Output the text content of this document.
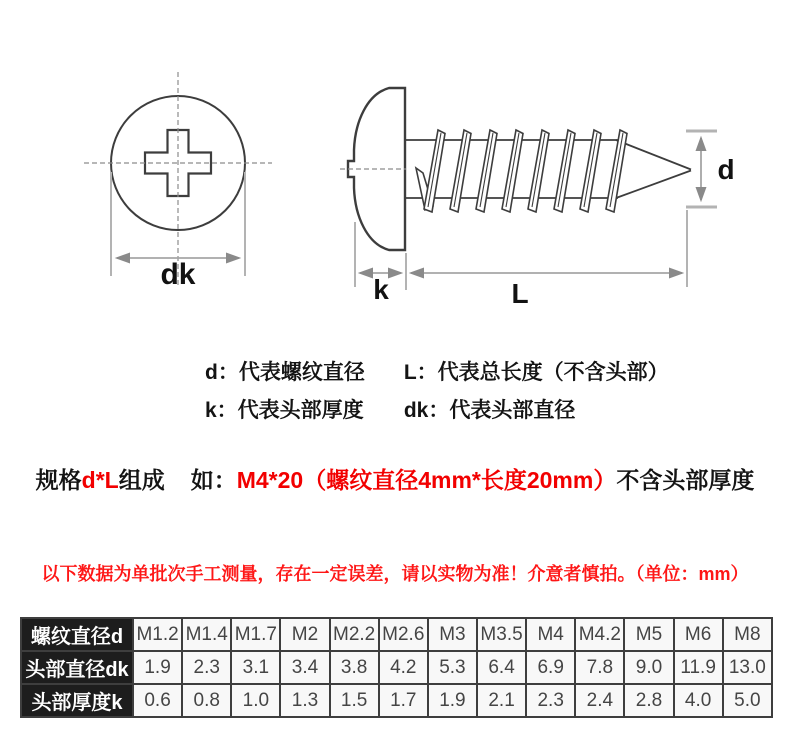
dk
d
k	L
d：代表螺纹直径 L：代表总长度（不含头部）
k：代表头部厚度 dk：代表头部直径
规格d*L组成 如：M4*20（螺纹直径4mm*长度20mm）不含头部厚度
以下数据为单批次手工测量，存在一定误差，请以实物为准！介意者慎拍。（单位：mm）
螺纹直径d	M1.2	M1.4	M1.7	M2	M2.2	M2.6	M3	M3.5	M4	M4.2	M5	M6	M8
头部直径dk	1.9	2.3	3.1	3.4	3.8	4.2	5.3	6.4	6.9	7.8	9.0	11.9	13.0
头部厚度k	0.6	0.8	1.0	1.3	1.5	1.7	1.9	2.1	2.3	2.4	2.8	4.0	5.0
